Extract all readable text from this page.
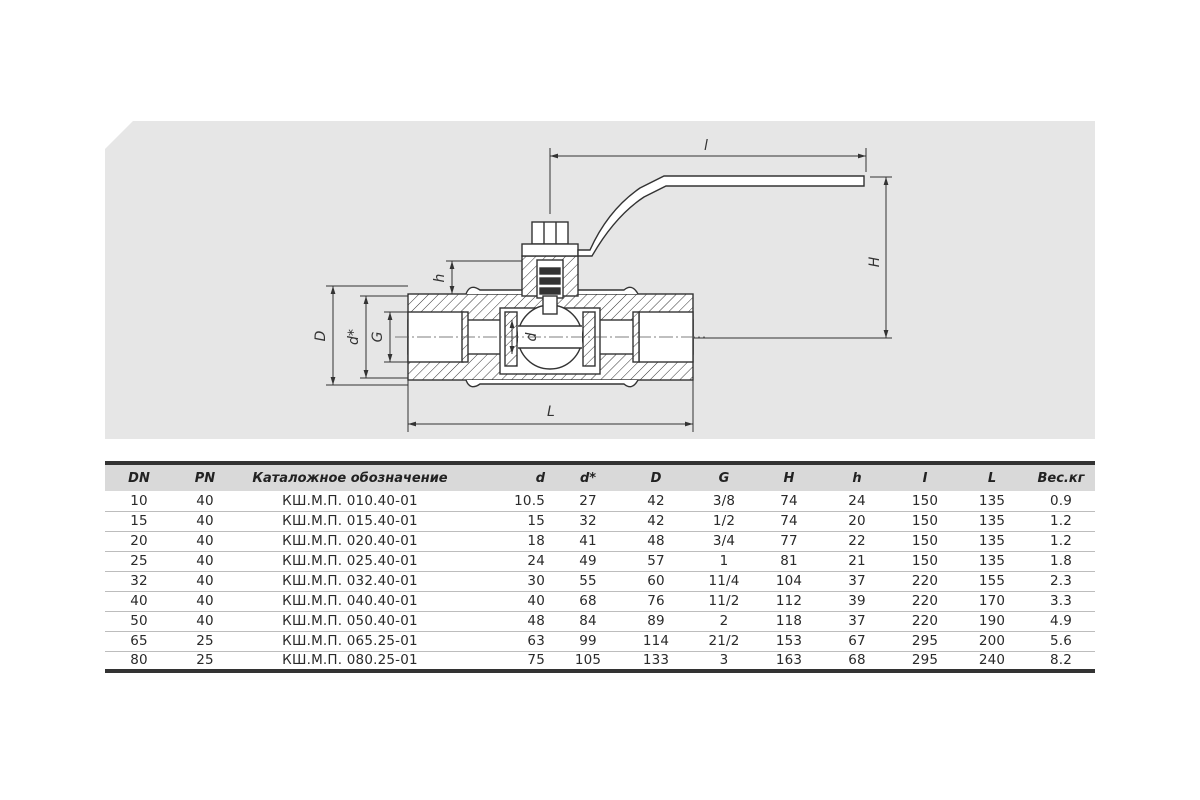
l
H
h
D d* G	d
L
DN	PN	Каталожное обозначение	d	d*	D	G	H	h	I	L	Вес.кг
10	40	КШ.М.П. 010.40-01	10.5	27	42	3/8	74	24	150	135	0.9
15	40	КШ.М.П. 015.40-01	15	32	42	1/2	74	20	150	135	1.2
20	40	КШ.М.П. 020.40-01	18	41	48	3/4	77	22	150	135	1.2
25	40	КШ.М.П. 025.40-01	24	49	57	1	81	21	150	135	1.8
32	40	КШ.М.П. 032.40-01	30	55	60	11/4	104	37	220	155	2.3
40	40	КШ.М.П. 040.40-01	40	68	76	11/2	112	39	220	170	3.3
50	40	КШ.М.П. 050.40-01	48	84	89	2	118	37	220	190	4.9
65	25	КШ.М.П. 065.25-01	63	99	114	21/2	153	67	295	200	5.6
80	25	КШ.М.П. 080.25-01	75	105	133	3	163	68	295	240	8.2
